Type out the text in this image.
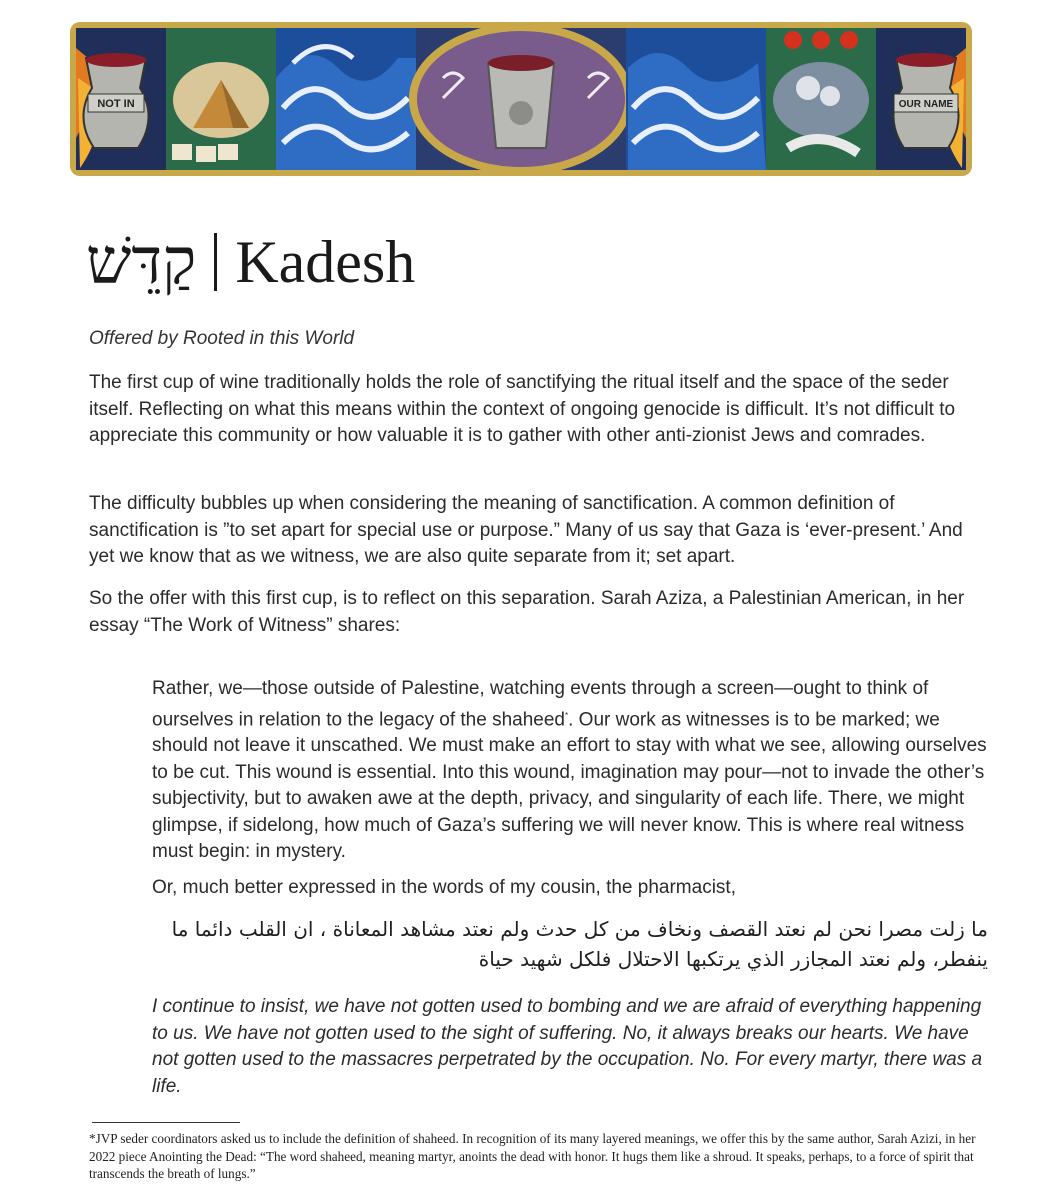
NOT IN	OUR NAME
קַדֵּשׁ Kadesh
Offered by Rooted in this World

The first cup of wine traditionally holds the role of sanctifying the ritual itself and the space of the seder itself. Reflecting on what this means within the context of ongoing genocide is difficult. It’s not difficult to appreciate this community or how valuable it is to gather with other anti-zionist Jews and comrades.

The difficulty bubbles up when considering the meaning of sanctification. A common definition of sanctification is ”to set apart for special use or purpose.” Many of us say that Gaza is ‘ever-present.’ And yet we know that as we witness, we are also quite separate from it; set apart.

So the offer with this first cup, is to reflect on this separation. Sarah Aziza, a Palestinian American, in her essay “The Work of Witness” shares:

Rather, we—those outside of Palestine, watching events through a screen—ought to think of ourselves in relation to the legacy of the shaheed*. Our work as witnesses is to be marked; we should not leave it unscathed. We must make an effort to stay with what we see, allowing ourselves to be cut. This wound is essential. Into this wound, imagination may pour—not to invade the other’s subjectivity, but to awaken awe at the depth, privacy, and singularity of each life. There, we might glimpse, if sidelong, how much of Gaza’s suffering we will never know. This is where real witness must begin: in mystery.

Or, much better expressed in the words of my cousin, the pharmacist,

ما زلت مصرا نحن لم نعتد القصف ونخاف من كل حدث ولم نعتد مشاهد المعاناة ، ان القلب دائما ما ينفطر، ولم نعتد المجازر الذي يرتكبها الاحتلال فلكل شهيد حياة

I continue to insist, we have not gotten used to bombing and we are afraid of everything happening to us. We have not gotten used to the sight of suffering. No, it always breaks our hearts. We have not gotten used to the massacres perpetrated by the occupation. No. For every martyr, there was a life.

*JVP seder coordinators asked us to include the definition of shaheed. In recognition of its many layered meanings, we offer this by the same author, Sarah Azizi, in her 2022 piece Anointing the Dead: “The word shaheed, meaning martyr, anoints the dead with honor. It hugs them like a shroud. It speaks, perhaps, to a force of spirit that transcends the breath of lungs.”
